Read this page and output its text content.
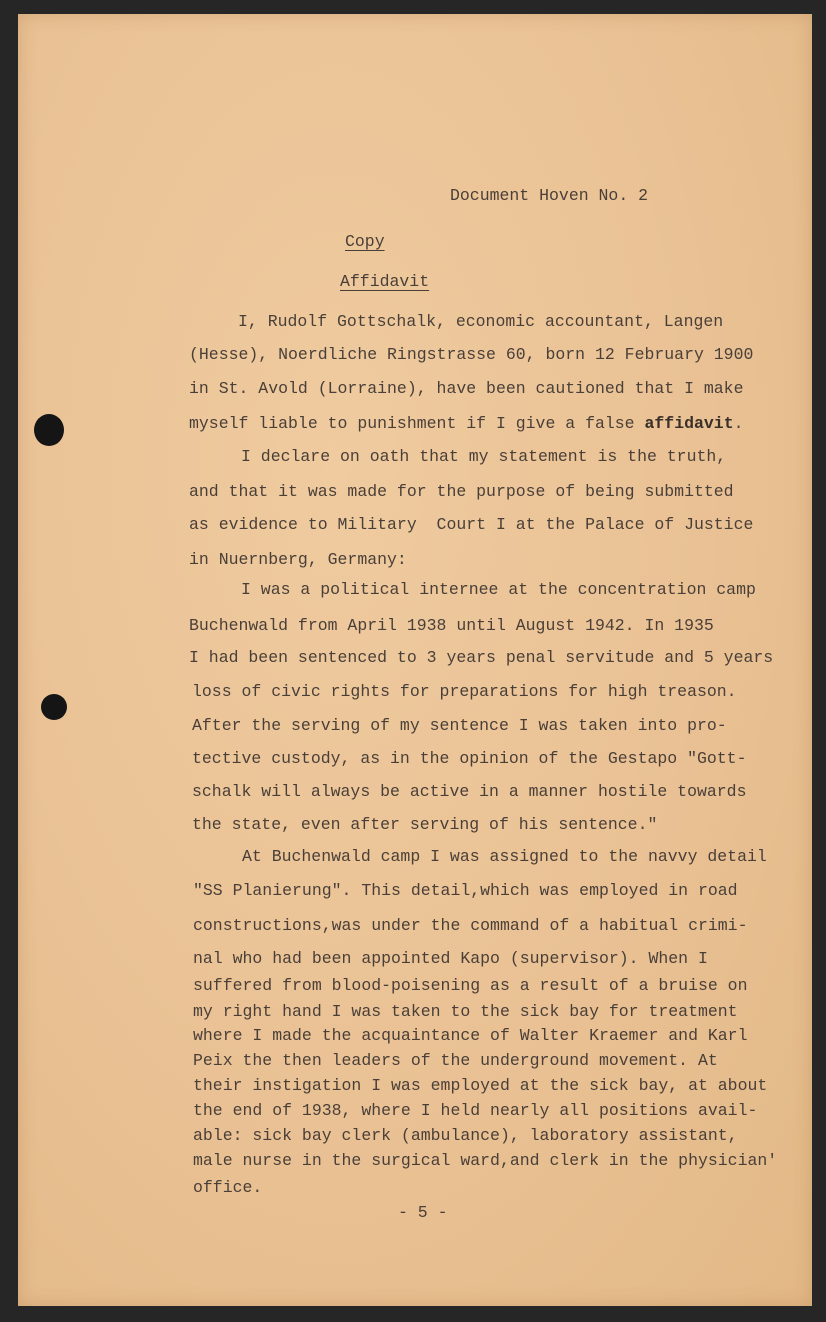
Document Hoven No. 2

Copy

Affidavit

I, Rudolf Gottschalk, economic accountant, Langen

(Hesse), Noerdliche Ringstrasse 60, born 12 February 1900

in St. Avold (Lorraine), have been cautioned that I make

myself liable to punishment if I give a false affidavit.

I declare on oath that my statement is the truth,

and that it was made for the purpose of being submitted

as evidence to Military  Court I at the Palace of Justice

in Nuernberg, Germany:

I was a political internee at the concentration camp

Buchenwald from April 1938 until August 1942. In 1935

I had been sentenced to 3 years penal servitude and 5 years

loss of civic rights for preparations for high treason.

After the serving of my sentence I was taken into pro-

tective custody, as in the opinion of the Gestapo "Gott-

schalk will always be active in a manner hostile towards

the state, even after serving of his sentence."

At Buchenwald camp I was assigned to the navvy detail

"SS Planierung". This detail,which was employed in road

constructions,was under the command of a habitual crimi-

nal who had been appointed Kapo (supervisor). When I

suffered from blood-poisening as a result of a bruise on

my right hand I was taken to the sick bay for treatment

where I made the acquaintance of Walter Kraemer and Karl

Peix the then leaders of the underground movement. At

their instigation I was employed at the sick bay, at about

the end of 1938, where I held nearly all positions avail-

able: sick bay clerk (ambulance), laboratory assistant,

male nurse in the surgical ward,and clerk in the physician'

office.

- 5 -
